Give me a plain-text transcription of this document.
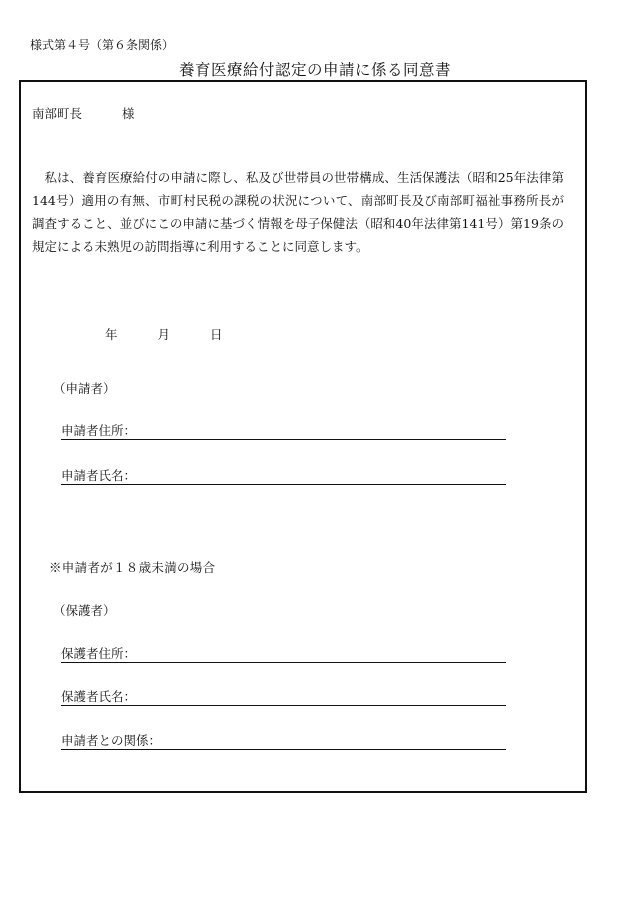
様式第４号（第６条関係）
養育医療給付認定の申請に係る同意書
南部町長	様

私は、養育医療給付の申請に際し、私及び世帯員の世帯構成、生活保護法（昭和25年法律第144号）適用の有無、市町村民税の課税の状況について、南部町長及び南部町福祉事務所長が調査すること、並びにこの申請に基づく情報を母子保健法（昭和40年法律第141号）第19条の規定による未熟児の訪問指導に利用することに同意します。

年	月	日
（申請者）
申請者住所：
申請者氏名：
※申請者が１８歳未満の場合
（保護者）
保護者住所：
保護者氏名：
申請者との関係：
